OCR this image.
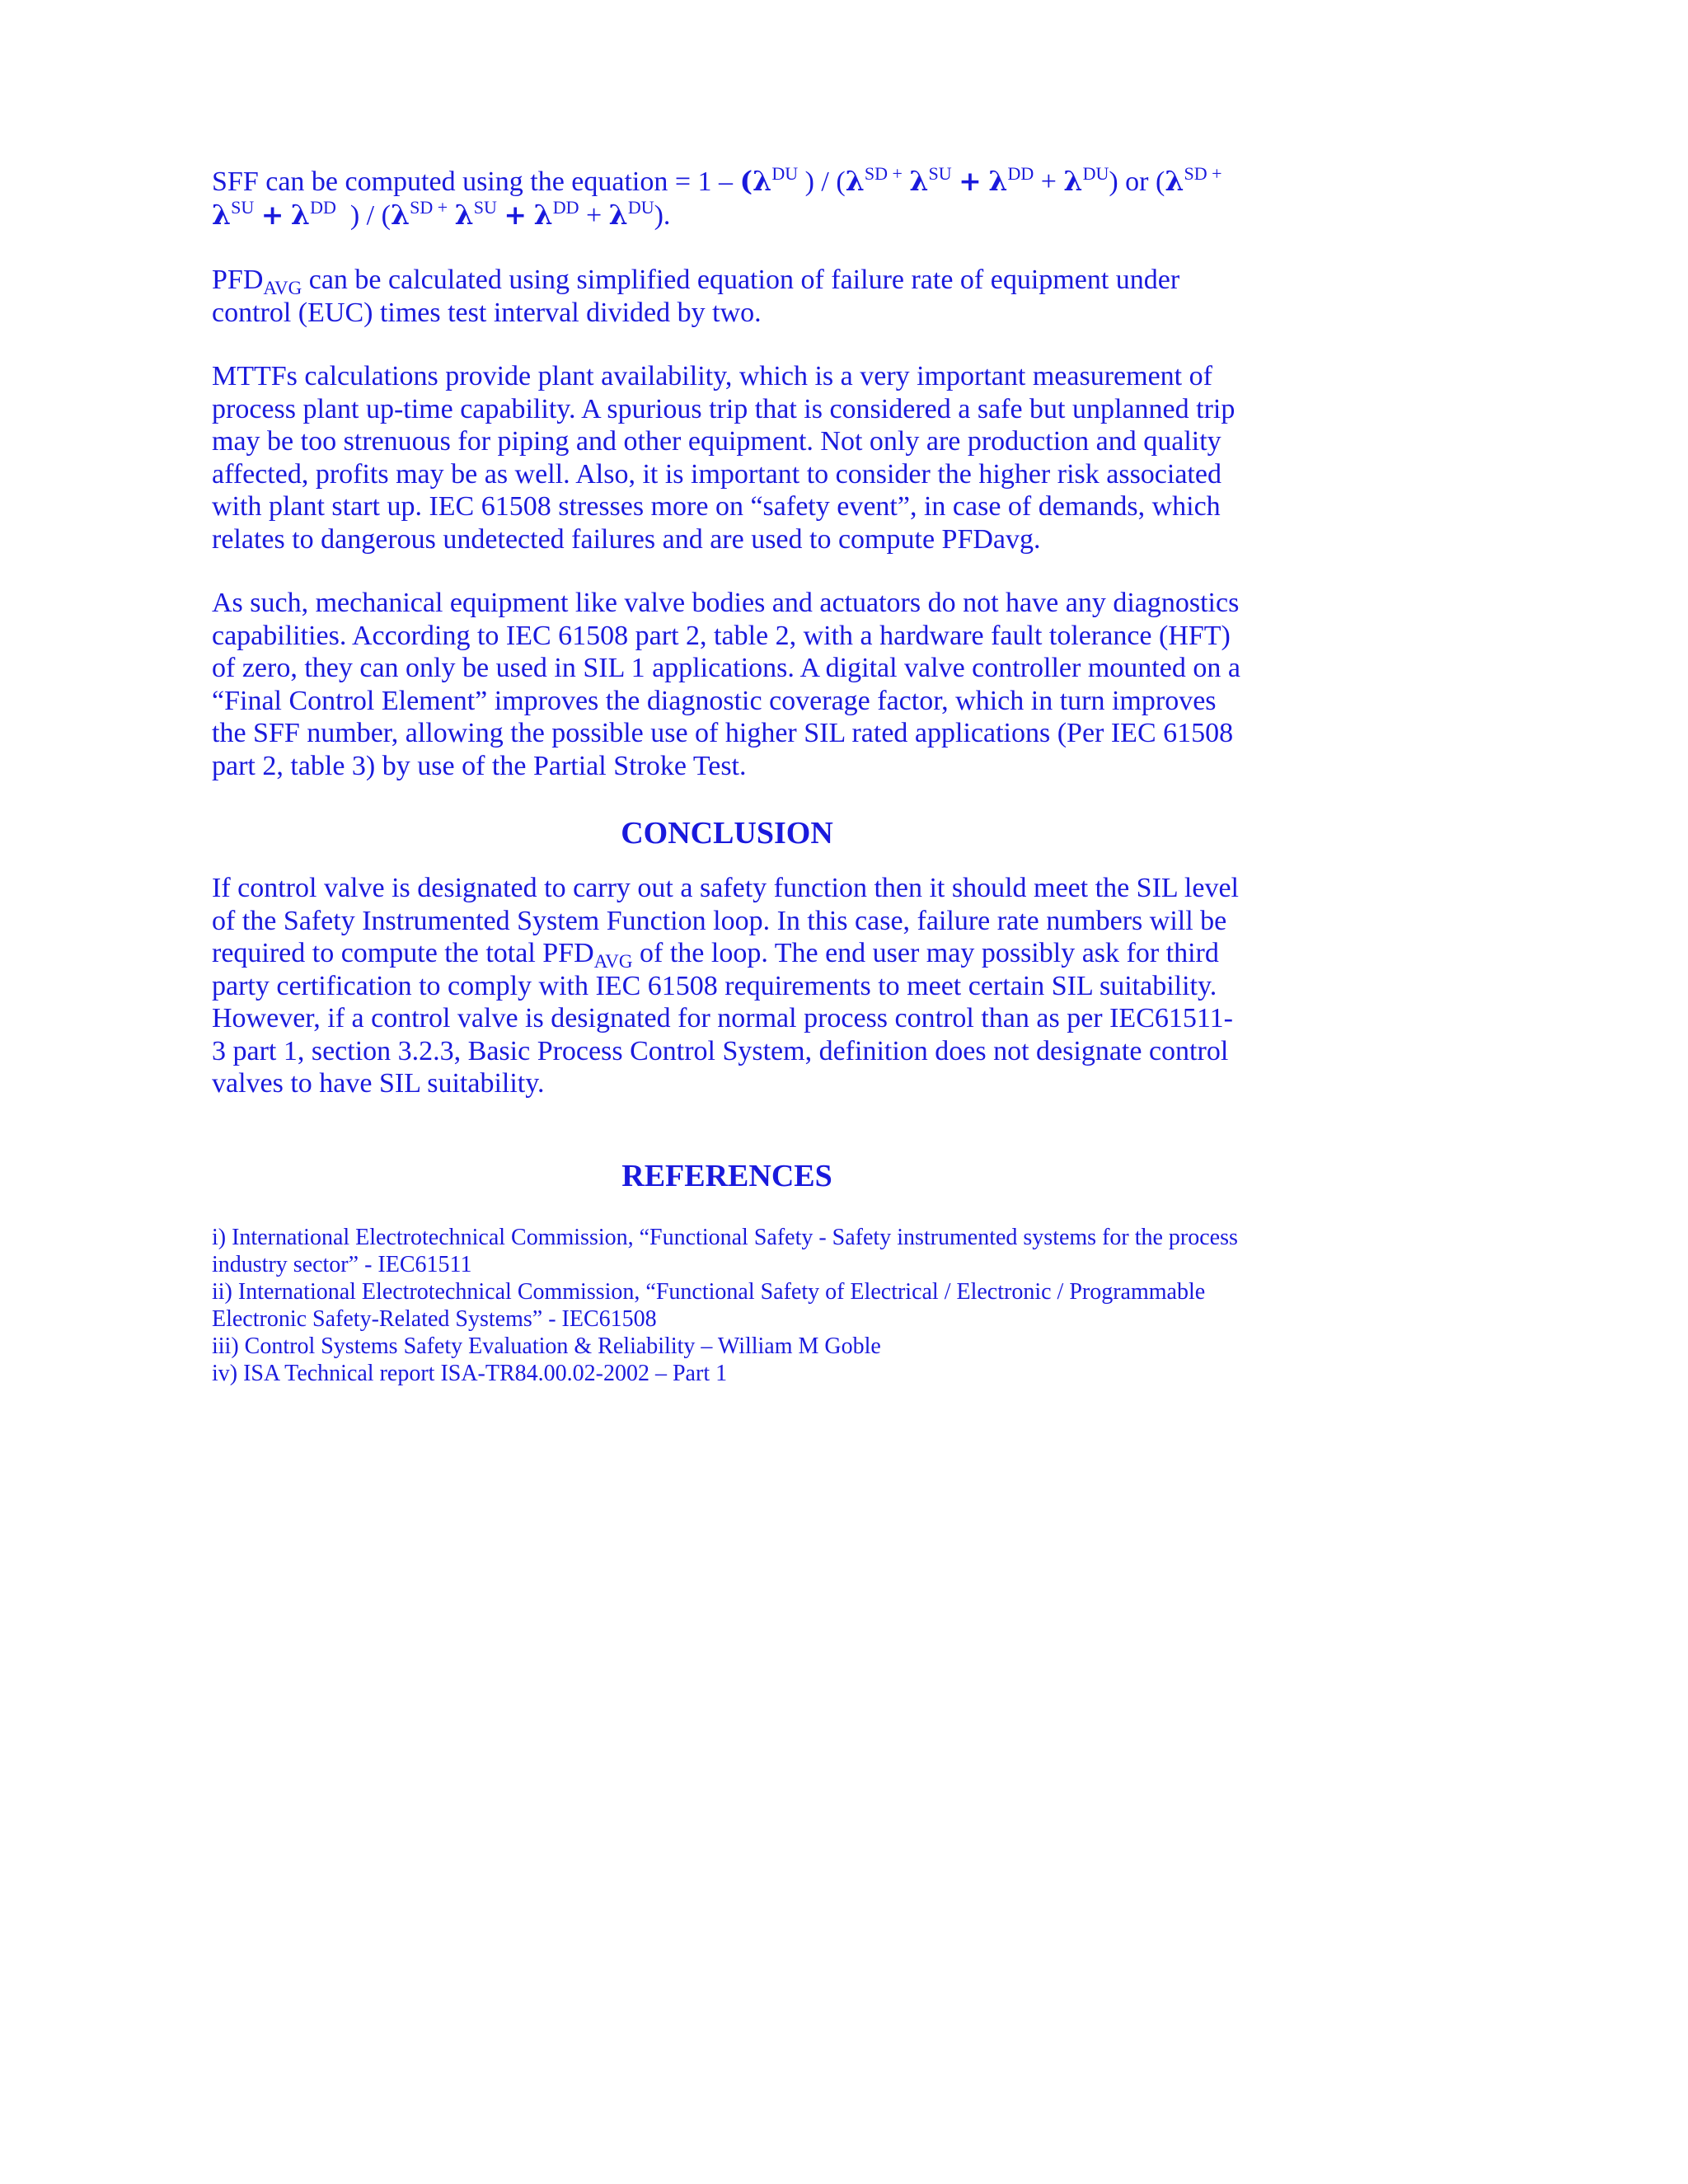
SFF can be computed using the equation = $1 - (\lambda^{DU}$ ) / ($\lambda^{SD +}$ $\lambda^{SU} + \lambda^{DD} + \lambda^{DU}$) or ($\lambda^{SD +}$ $\lambda^{SU} + \lambda^{DD}$ ) / ($\lambda^{SD +}$ $\lambda^{SU} + \lambda^{DD} + \lambda^{DU}$).

$PFD_{AVG}$ can be calculated using simplified equation of failure rate of equipment under control (EUC) times test interval divided by two.

MTTFs calculations provide plant availability, which is a very important measurement of process plant up-time capability. A spurious trip that is considered a safe but unplanned trip may be too strenuous for piping and other equipment. Not only are production and quality affected, profits may be as well. Also, it is important to consider the higher risk associated with plant start up. IEC 61508 stresses more on “safety event”, in case of demands, which relates to dangerous undetected failures and are used to compute PFDavg.

As such, mechanical equipment like valve bodies and actuators do not have any diagnostics capabilities. According to IEC 61508 part 2, table 2, with a hardware fault tolerance (HFT) of zero, they can only be used in SIL 1 applications. A digital valve controller mounted on a “Final Control Element” improves the diagnostic coverage factor, which in turn improves the SFF number, allowing the possible use of higher SIL rated applications (Per IEC 61508 part 2, table 3) by use of the Partial Stroke Test.

CONCLUSION

If control valve is designated to carry out a safety function then it should meet the SIL level of the Safety Instrumented System Function loop. In this case, failure rate numbers will be required to compute the total $PFD_{AVG}$ of the loop. The end user may possibly ask for third party certification to comply with IEC 61508 requirements to meet certain SIL suitability. However, if a control valve is designated for normal process control than as per IEC61511-3 part 1, section 3.2.3, Basic Process Control System, definition does not designate control valves to have SIL suitability.

REFERENCES
i) International Electrotechnical Commission, “Functional Safety - Safety instrumented systems for the process industry sector” - IEC61511
ii) International Electrotechnical Commission, “Functional Safety of Electrical / Electronic / Programmable Electronic Safety-Related Systems” - IEC61508
iii) Control Systems Safety Evaluation & Reliability – William M Goble
iv) ISA Technical report ISA-TR84.00.02-2002 – Part 1
